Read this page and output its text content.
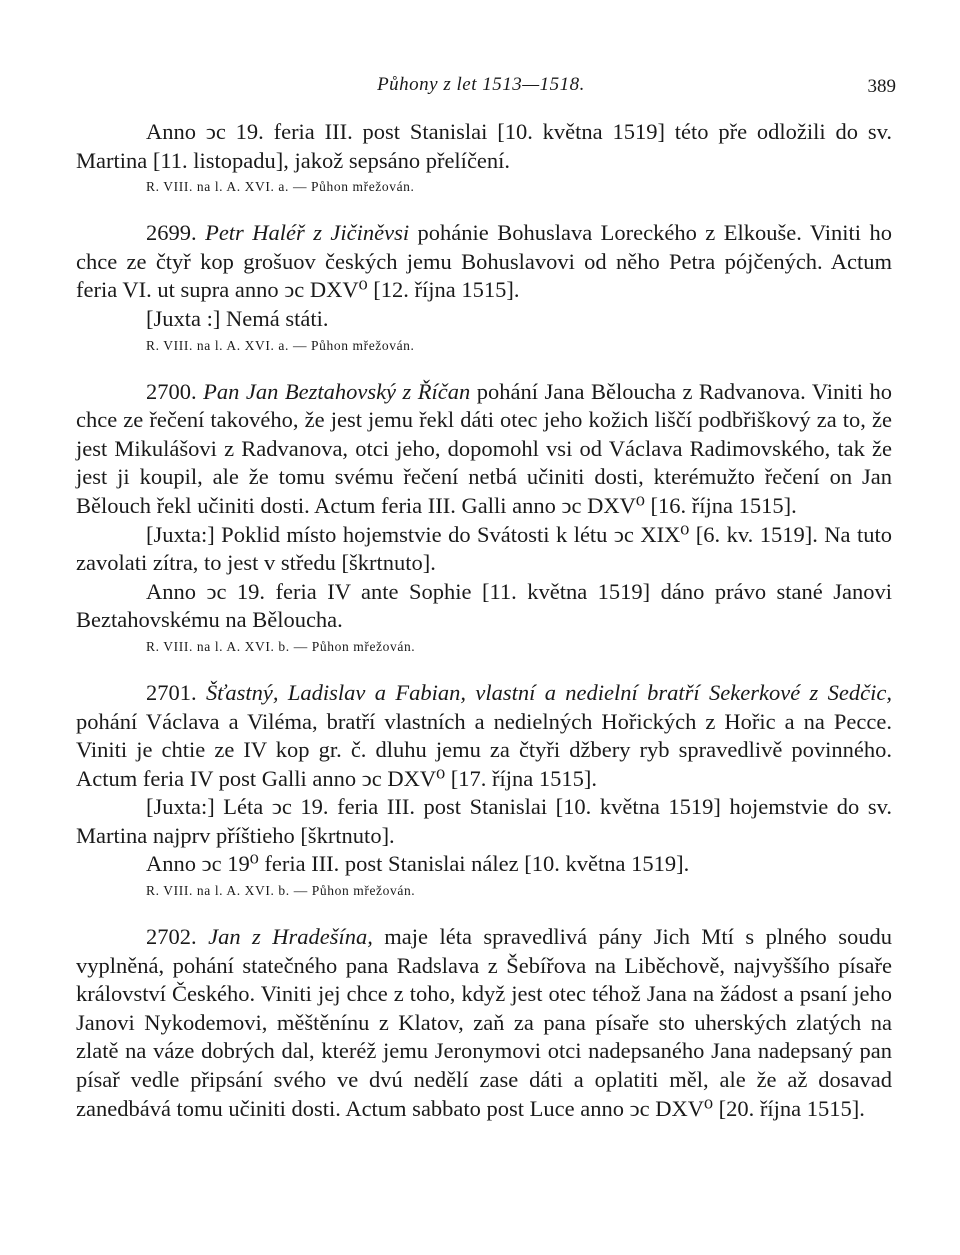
Půhony z let 1513—1518.	389

Anno ↄc 19. feria III. post Stanislai [10. května 1519] této pře odložili do sv. Martina [11. listopadu], jakož sepsáno přelíčení.

R. VIII. na l. A. XVI. a. — Půhon mřežován.

2699. Petr Haléř z Jičiněvsi pohánie Bohuslava Loreckého z Elkouše. Viniti ho chce ze čtyř kop grošuov českých jemu Bohuslavovi od něho Petra pójčených. Actum feria VI. ut supra anno ↄc DXV⁰ [12. října 1515].

[Juxta :] Nemá státi.

R. VIII. na l. A. XVI. a. — Půhon mřežován.

2700. Pan Jan Beztahovský z Říčan pohání Jana Běloucha z Radvanova. Viniti ho chce ze řečení takového, že jest jemu řekl dáti otec jeho kožich liščí podbřiškový za to, že jest Mikulášovi z Radvanova, otci jeho, dopomohl vsi od Václava Radimovského, tak že jest ji koupil, ale že tomu svému řečení netbá učiniti dosti, kterémužto řečení on Jan Bělouch řekl učiniti dosti. Actum feria III. Galli anno ↄc DXV⁰ [16. října 1515].

[Juxta:] Poklid místo hojemstvie do Svátosti k létu ↄc XIX⁰ [6. kv. 1519]. Na tuto zavolati zítra, to jest v středu [škrtnuto].

Anno ↄc 19. feria IV ante Sophie [11. května 1519] dáno právo stané Janovi Beztahovskému na Běloucha.

R. VIII. na l. A. XVI. b. — Půhon mřežován.

2701. Šťastný, Ladislav a Fabian, vlastní a nedielní bratří Sekerkové z Sedčic, pohání Václava a Viléma, bratří vlastních a nedielných Hořických z Hořic a na Pecce. Viniti je chtie ze IV kop gr. č. dluhu jemu za čtyři džbery ryb spravedlivě povinného. Actum feria IV post Galli anno ↄc DXV⁰ [17. října 1515].

[Juxta:] Léta ↄc 19. feria III. post Stanislai [10. května 1519] hojemstvie do sv. Martina najprv příštieho [škrtnuto].

Anno ↄc 19⁰ feria III. post Stanislai nález [10. května 1519].

R. VIII. na l. A. XVI. b. — Půhon mřežován.

2702. Jan z Hradešína, maje léta spravedlivá pány Jich Mtí s plného soudu vyplněná, pohání statečného pana Radslava z Šebířova na Liběchově, najvyššího písaře království Českého. Viniti jej chce z toho, když jest otec téhož Jana na žádost a psaní jeho Janovi Nykodemovi, měštěnínu z Klatov, zaň za pana písaře sto uherských zlatých na zlatě na váze dobrých dal, kteréž jemu Jeronymovi otci nadepsaného Jana nadepsaný pan písař vedle připsání svého ve dvú nedělí zase dáti a oplatiti měl, ale že až dosavad zanedbává tomu učiniti dosti. Actum sabbato post Luce anno ↄc DXV⁰ [20. října 1515].
